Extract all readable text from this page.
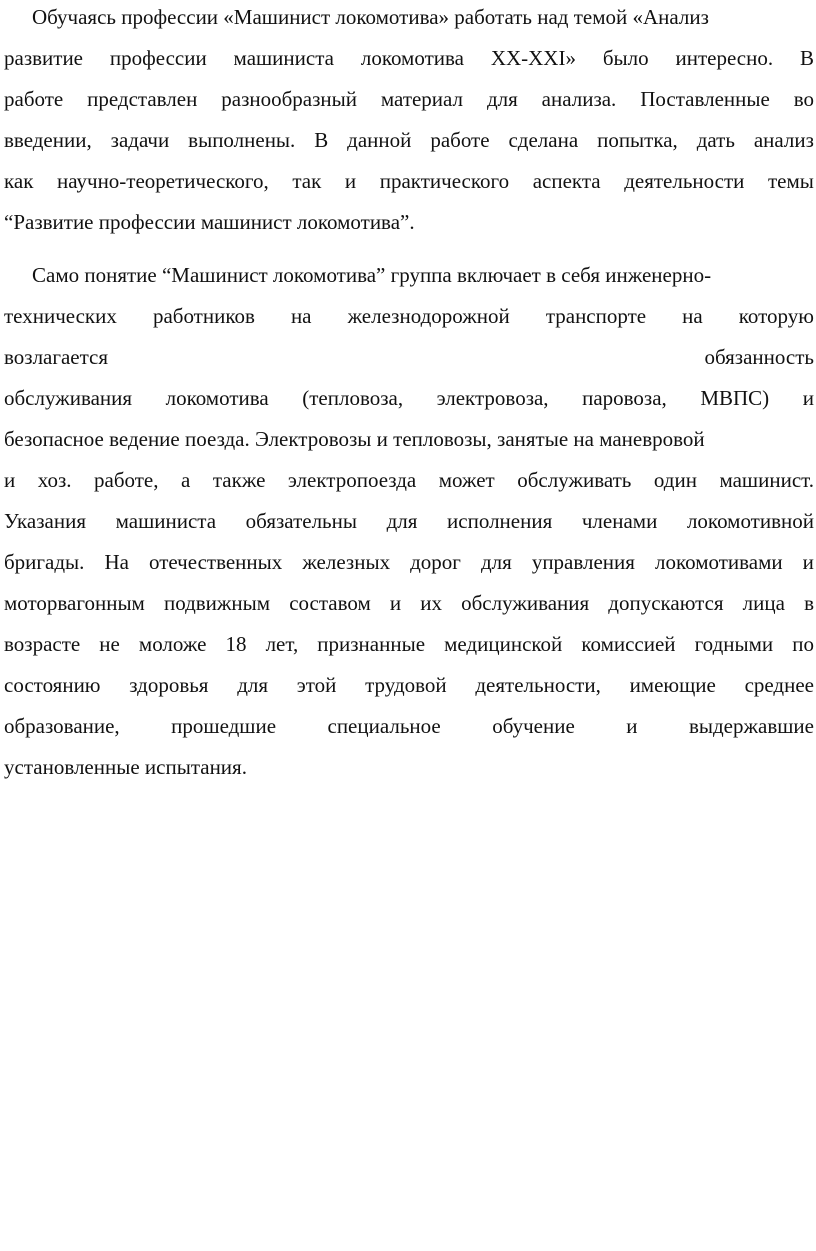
Обучаясь профессии «Машинист локомотива» работать над темой «Анализ
развитие профессии машиниста локомотива XX-XXI» было интересно. В
работе представлен разнообразный материал для анализа. Поставленные во
введении, задачи выполнены. В данной работе сделана попытка, дать анализ
как научно-теоретического, так и практического аспекта деятельности темы
“Развитие профессии машинист локомотива”.
Само понятие “Машинист локомотива” группа включает в себя инженерно-
технических работников на железнодорожной транспорте на которую
возлагается	обязанность
обслуживания локомотива (тепловоза, электровоза, паровоза, МВПС) и
безопасное ведение поезда. Электровозы и тепловозы, занятые на маневровой
и хоз. работе, а также электропоезда может обслуживать один машинист.
Указания машиниста обязательны для исполнения членами локомотивной
бригады. На отечественных железных дорог для управления локомотивами и
моторвагонным подвижным составом и их обслуживания допускаются лица в
возрасте не моложе 18 лет, признанные медицинской комиссией годными по
состоянию здоровья для этой трудовой деятельности, имеющие среднее
образование, прошедшие специальное обучение и выдержавшие
установленные испытания.
